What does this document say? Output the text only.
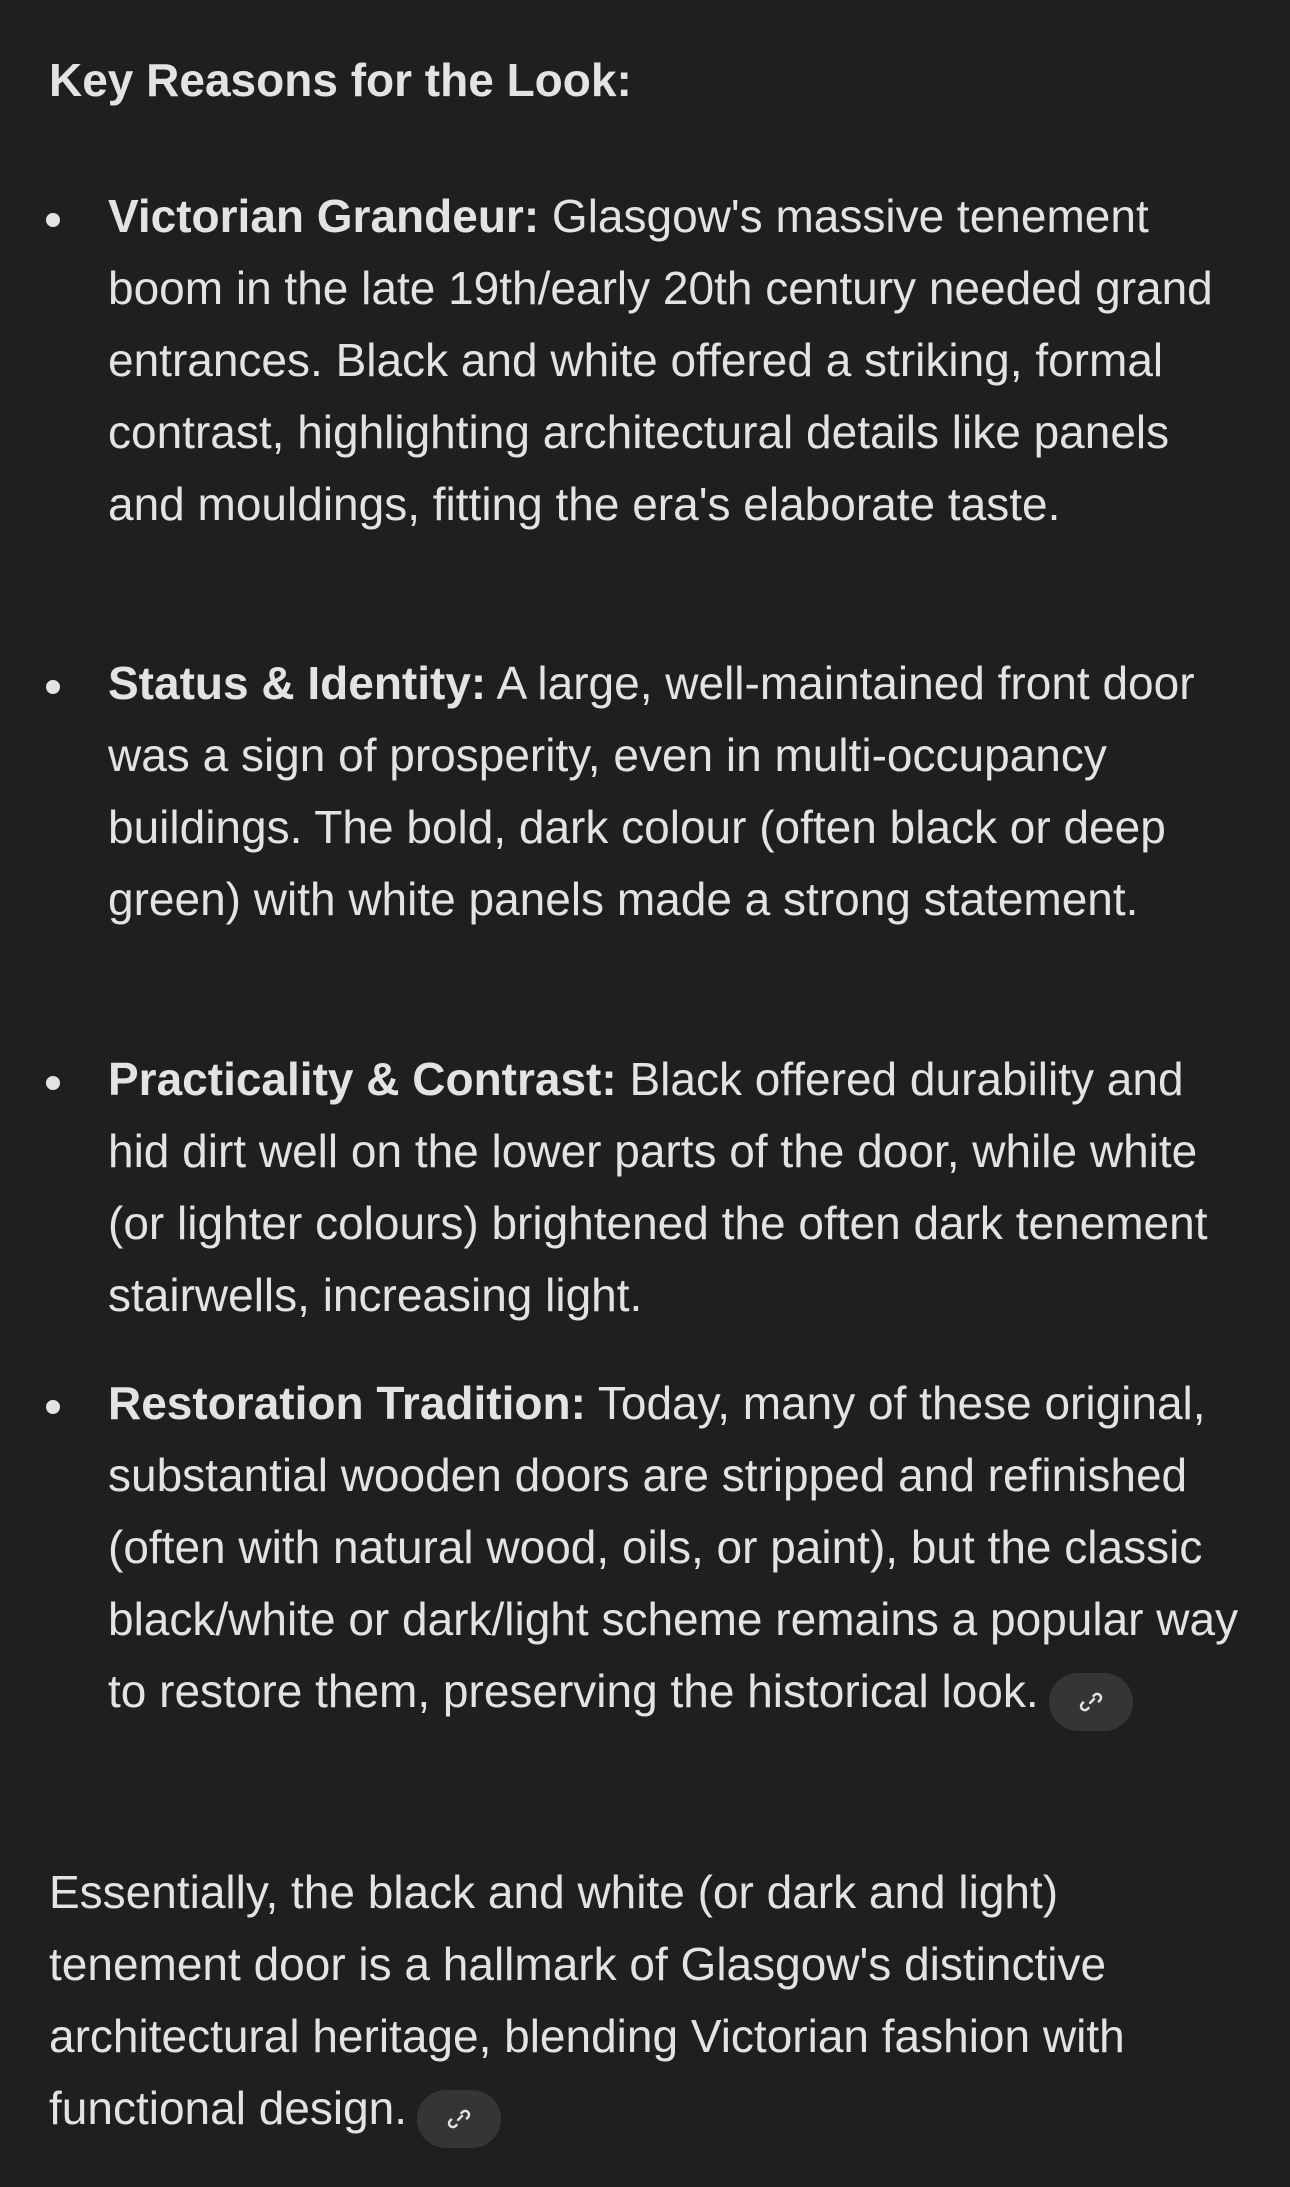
Key Reasons for the Look:
Victorian Grandeur: Glasgow's massive tenement boom in the late 19th/early 20th century needed grand entrances. Black and white offered a striking, formal contrast, highlighting architectural details like panels and mouldings, fitting the era's elaborate taste.
Status & Identity: A large, well-maintained front door was a sign of prosperity, even in multi-occupancy buildings. The bold, dark colour (often black or deep green) with white panels made a strong statement.
Practicality & Contrast: Black offered durability and hid dirt well on the lower parts of the door, while white (or lighter colours) brightened the often dark tenement stairwells, increasing light.
Restoration Tradition: Today, many of these original, substantial wooden doors are stripped and refinished (often with natural wood, oils, or paint), but the classic black/white or dark/light scheme remains a popular way to restore them, preserving the historical look.

Essentially, the black and white (or dark and light) tenement door is a hallmark of Glasgow's distinctive architectural heritage, blending Victorian fashion with functional design.
